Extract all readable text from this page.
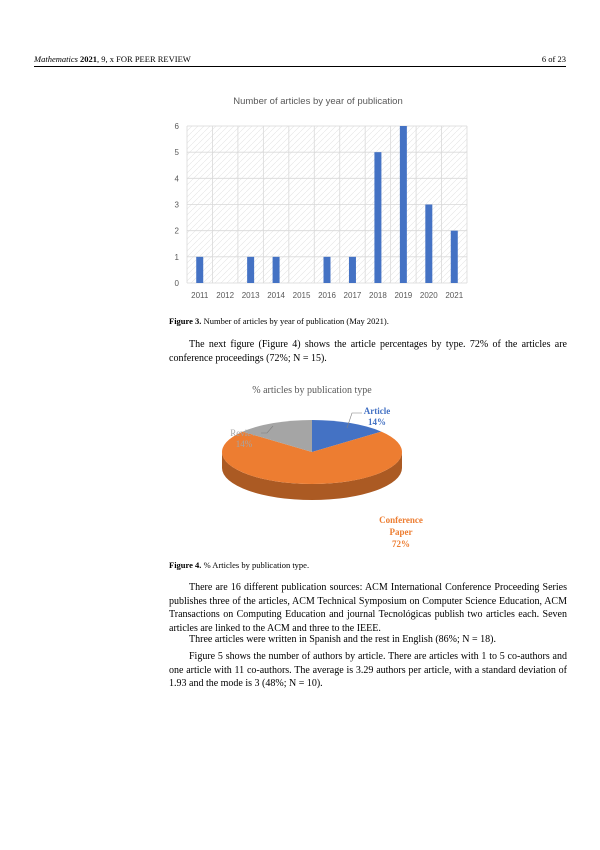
Mathematics 2021, 9, x FOR PEER REVIEW	6 of 23
Number of articles by year of publication
0
1
2
3
4
5
6
2011 2012 2013 2014 2015 2016 2017 2018 2019 2020 2021
Figure 3. Number of articles by year of publication (May 2021).

The next figure (Figure 4) shows the article percentages by type. 72% of the articles are conference proceedings (72%; N = 15).

% articles by publication type
Article
14%
Review
14%
Conference
Paper
72%
Figure 4. % Articles by publication type.

There are 16 different publication sources: ACM International Conference Proceeding Series publishes three of the articles, ACM Technical Symposium on Computer Science Education, ACM Transactions on Computing Education and journal Tecnológicas publish two articles each. Seven articles are linked to the ACM and three to the IEEE.

Three articles were written in Spanish and the rest in English (86%; N = 18).

Figure 5 shows the number of authors by article. There are articles with 1 to 5 co-authors and one article with 11 co-authors. The average is 3.29 authors per article, with a standard deviation of 1.93 and the mode is 3 (48%; N = 10).
